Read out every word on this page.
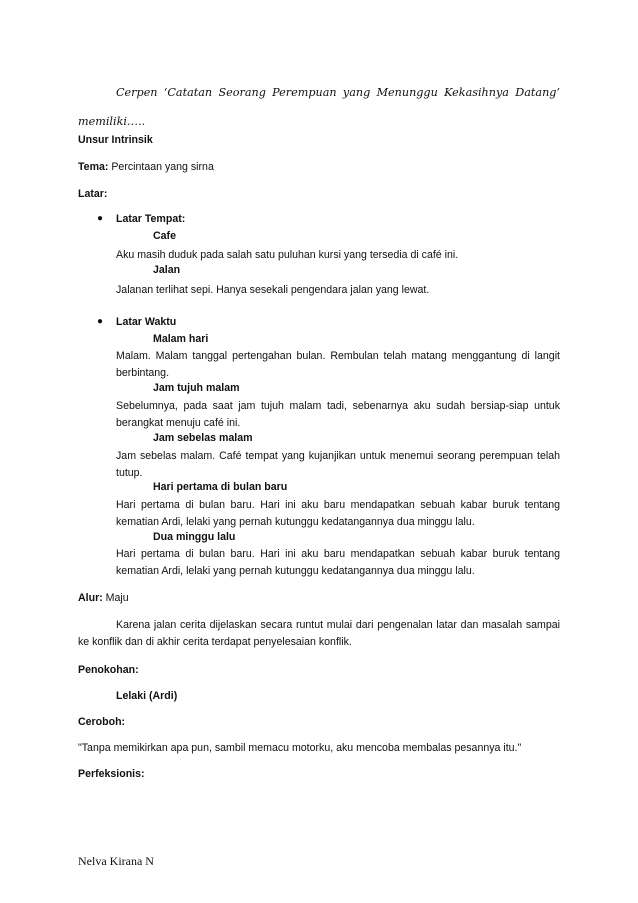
Cerpen ‘Catatan Seorang Perempuan yang Menunggu Kekasihnya Datang’
memiliki…..
Unsur Intrinsik
Tema: Percintaan yang sirna
Latar:
● Latar Tempat:
Cafe
Aku masih duduk pada salah satu puluhan kursi yang tersedia di café ini.
Jalan
Jalanan terlihat sepi. Hanya sesekali pengendara jalan yang lewat.
● Latar Waktu
Malam hari
Malam. Malam tanggal pertengahan bulan. Rembulan telah matang menggantung di langit berbintang.
Jam tujuh malam
Sebelumnya, pada saat jam tujuh malam tadi, sebenarnya aku sudah bersiap-siap untuk berangkat menuju café ini.
Jam sebelas malam
Jam sebelas malam. Café tempat yang kujanjikan untuk menemui seorang perempuan telah tutup.
Hari pertama di bulan baru
Hari pertama di bulan baru. Hari ini aku baru mendapatkan sebuah kabar buruk tentang kematian Ardi, lelaki yang pernah kutunggu kedatangannya dua minggu lalu.
Dua minggu lalu
Hari pertama di bulan baru. Hari ini aku baru mendapatkan sebuah kabar buruk tentang kematian Ardi, lelaki yang pernah kutunggu kedatangannya dua minggu lalu.
Alur: Maju
Karena jalan cerita dijelaskan secara runtut mulai dari pengenalan latar dan masalah sampai ke konflik dan di akhir cerita terdapat penyelesaian konflik.
Penokohan:
Lelaki (Ardi)
Ceroboh:
"Tanpa memikirkan apa pun, sambil memacu motorku, aku mencoba membalas pesannya itu."
Perfeksionis:
Nelva Kirana N
